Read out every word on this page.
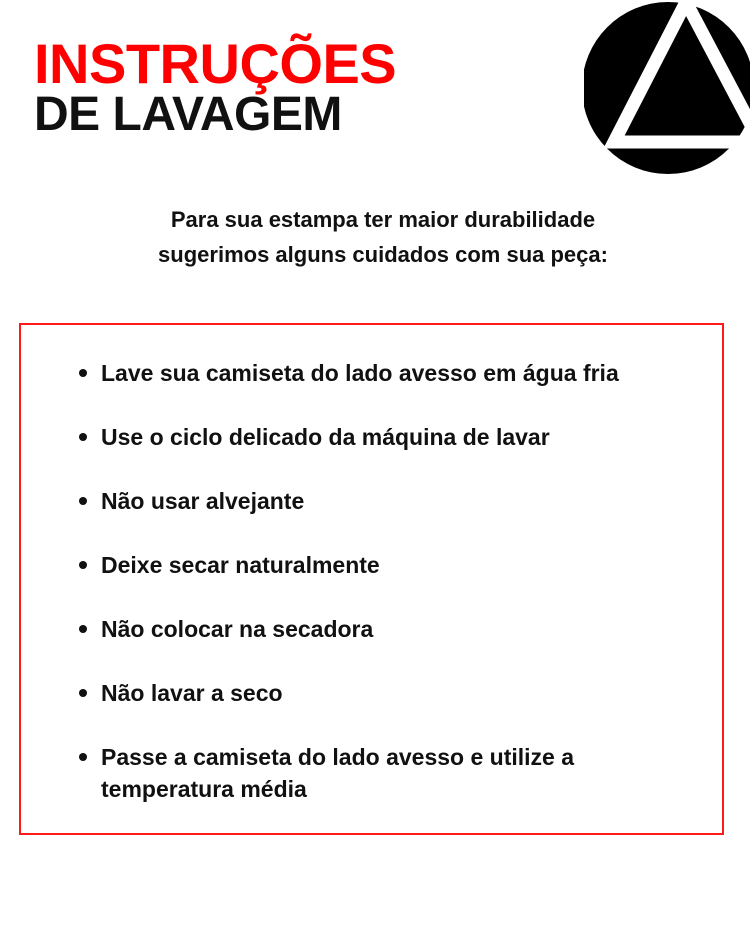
INSTRUÇÕES
DE LAVAGEM
Para sua estampa ter maior durabilidade
sugerimos alguns cuidados com sua peça:
Lave sua camiseta do lado avesso em água fria
Use o ciclo delicado da máquina de lavar
Não usar alvejante
Deixe secar naturalmente
Não colocar na secadora
Não lavar a seco
Passe a camiseta do lado avesso e utilize a temperatura média
